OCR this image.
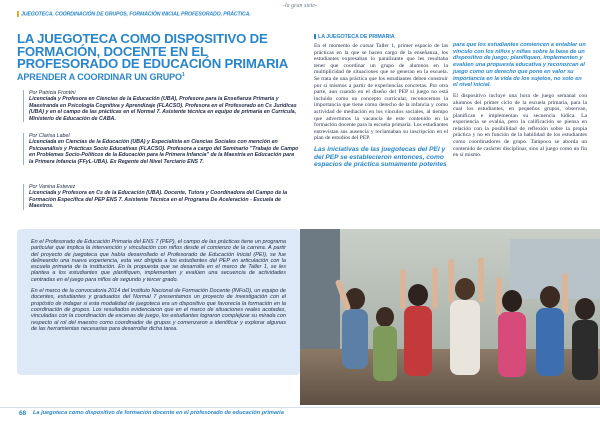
-la gran siete-
JUEGOTECA, COORDINACIÓN DE GRUPOS, FORMACIÓN INICIAL PROFESORADO, PRÁCTICA.
LA JUEGOTECA COMO DISPOSITIVO DE FORMACIÓN, DOCENTE EN EL PROFESORADO DE EDUCACIÓN PRIMARIA
APRENDER A COORDINAR UN GRUPO$^1$
Por Patricia Frontini
Licenciada y Profesora en Ciencias de la Educación (UBA), Profesora para la Enseñanza Primaria y Maestranda en Psicología Cognitiva y Aprendizaje (FLACSO). Profesora en el Profesorado en Cs Jurídicas (UBA) y en el campo de las prácticas en el Normal 7. Asistente técnica en equipo de primaria en Currícula, Ministerio de Educación de CABA.
Por Clarisa Label
Licenciada en Ciencias de la Educación (UBA) y Especialista en Ciencias Sociales con mención en Psicoanálisis y Prácticas Socio Educativas (FLACSO). Profesora a cargo del Seminario "Trabajo de Campo en Problemas Socio-Políticos de la Educación para la Primera Infancia" de la Maestría en Educación para la Primera Infancia (FFyL-UBA). Ex Regente del Nivel Terciario ENS 7.
Por Vanina Estevez
Licenciada y Profesora en Cs de la Educación (UBA). Docente, Tutora y Coordinadora del Campo de la Formación Específica del PEP ENS 7. Asistente Técnica en el Programa De Aceleración - Escuela de Maestros.
LA JUEGOTECA DE PRIMARIA

En el momento de cursar Taller 1, primer espacio de las prácticas en la que se hacen cargo de la enseñanza, los estudiantes expresaban lo paralizante que les resultaba tener que coordinar un grupo de alumnos en la multiplicidad de situaciones que se generan en la escuela. Se trata de una práctica que los estudiantes deben construir por sí mismos a partir de experiencias concretas. Por otra parte, aun cuando en el diseño del PEP sí juego no está incluido como un concepto curricular, reconocemos la importancia que tiene como derecho de la infancia y como actividad de mediación en los vínculos sociales, al tiempo que advertimos la vacancia de este contenido en la formación docente para la escuela primaria. Los estudiantes entrevistan sus ausencia y reclamaban su inscripción en el plan de estudios del PEP.

Las iniciativas de las juegotecas del PEI y del PEP se establecieron entonces, como espacios de práctica sumamente potentes

para que los estudiantes comiencen a entablar un vínculo con los niños y niñas sobre la base de un dispositivo de juego; planifiquen, implementen y evalúen una propuesta educativa y reconozcan al juego como un derecho que pone en valor su importancia en la vida de los sujetos, no solo en el nivel inicial.

El dispositivo incluye una hora de juego semanal con alumnos del primer ciclo de la escuela primaria, para la cual los estudiantes, en pequeños grupos, observan, planifican e implementan su secuencia lúdica. La experiencia se evalúa, pero la calificación se piensa en relación con la posibilidad de reflexión sobre la propia práctica y no en función de la habilidad de los estudiantes como coordinadores de grupo. Tampoco se aborda un contenido de carácter disciplinar, sino al juego como un fin en sí mismo.

En el Profesorado de Educación Primaria del ENS 7 (PEP), el campo de las prácticas tiene un programa particular que implica la intervención y vinculación con niños desde el comienzo de la carrera. A partir del proyecto de juegoteca que había desarrollado el Profesorado de Educación Inicial (PEI), se fue delineando una nueva experiencia, esta vez dirigida a los estudiantes del PEP en articulación con la escuela primaria de la institución. En la propuesta que se desarrolla en el marco de Taller 1, se les plantea a los estudiantes que planifiquen, implementen y evalúen una secuencia de actividades centradas en el juego para niños de segundo y tercer grado.

En el marco de la convocatoria 2014 del Instituto Nacional de Formación Docente (INFoD), un equipo de docentes, estudiantes y graduados del Normal 7 presentamos un proyecto de investigación con el propósito de indagar si esta modalidad de juegoteca era un dispositivo que favorecía la formación en la coordinación de grupos. Los resultados evidenciaron que en el marco de situaciones reales acotadas, vinculadas con la coordinación de escenas de juego, los estudiantes lograron complejizar su mirada con respecto al rol del maestro como coordinador de grupos y comenzaron a identificar y explorar algunas de las herramientas necesarias para desarrollar dicha tarea.

68 La juegoteca como dispositivo de formación docente en el profesorado de educación primaria
